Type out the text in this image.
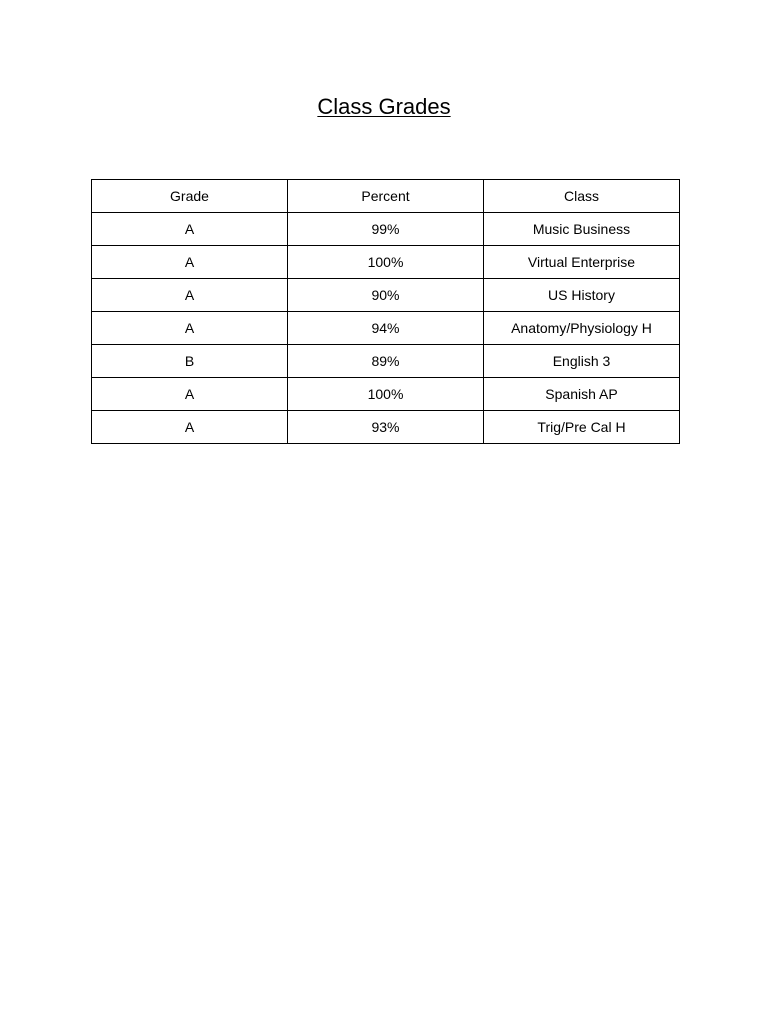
Class Grades
Grade	Percent	Class
A	99%	Music Business
A	100%	Virtual Enterprise
A	90%	US History
A	94%	Anatomy/Physiology H
B	89%	English 3
A	100%	Spanish AP
A	93%	Trig/Pre Cal H
